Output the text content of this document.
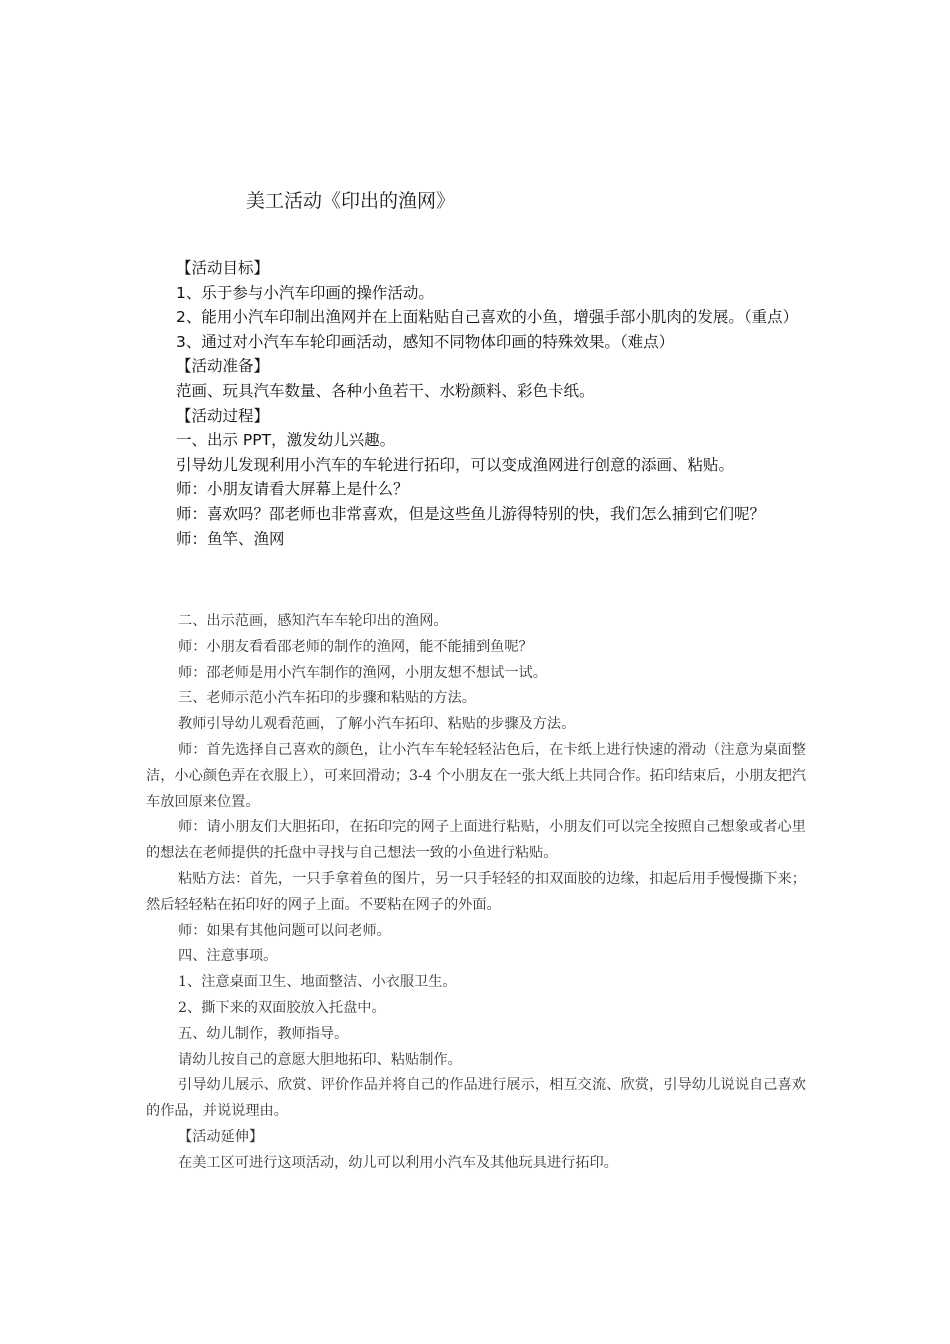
美工活动《印出的渔网》

【活动目标】

1、乐于参与小汽车印画的操作活动。

2、能用小汽车印制出渔网并在上面粘贴自己喜欢的小鱼，增强手部小肌肉的发展。（重点）

3、通过对小汽车车轮印画活动，感知不同物体印画的特殊效果。（难点）

【活动准备】

范画、玩具汽车数量、各种小鱼若干、水粉颜料、彩色卡纸。

【活动过程】

一、出示 PPT，激发幼儿兴趣。

引导幼儿发现利用小汽车的车轮进行拓印，可以变成渔网进行创意的添画、粘贴。

师：小朋友请看大屏幕上是什么？

师：喜欢吗？邵老师也非常喜欢，但是这些鱼儿游得特别的快，我们怎么捕到它们呢？

师：鱼竿、渔网

二、出示范画，感知汽车车轮印出的渔网。

师：小朋友看看邵老师的制作的渔网，能不能捕到鱼呢？

师：邵老师是用小汽车制作的渔网，小朋友想不想试一试。

三、老师示范小汽车拓印的步骤和粘贴的方法。

教师引导幼儿观看范画，了解小汽车拓印、粘贴的步骤及方法。

师：首先选择自己喜欢的颜色，让小汽车车轮轻轻沾色后，在卡纸上进行快速的滑动（注意为桌面整洁，小心颜色弄在衣服上），可来回滑动；3-4 个小朋友在一张大纸上共同合作。拓印结束后，小朋友把汽车放回原来位置。

师：请小朋友们大胆拓印，在拓印完的网子上面进行粘贴，小朋友们可以完全按照自己想象或者心里的想法在老师提供的托盘中寻找与自己想法一致的小鱼进行粘贴。

粘贴方法：首先，一只手拿着鱼的图片，另一只手轻轻的扣双面胶的边缘，扣起后用手慢慢撕下来；然后轻轻粘在拓印好的网子上面。不要粘在网子的外面。

师：如果有其他问题可以问老师。

四、注意事项。

1、注意桌面卫生、地面整洁、小衣服卫生。

2、撕下来的双面胶放入托盘中。

五、幼儿制作，教师指导。

请幼儿按自己的意愿大胆地拓印、粘贴制作。

引导幼儿展示、欣赏、评价作品并将自己的作品进行展示，相互交流、欣赏，引导幼儿说说自己喜欢的作品，并说说理由。

【活动延伸】

在美工区可进行这项活动，幼儿可以利用小汽车及其他玩具进行拓印。
